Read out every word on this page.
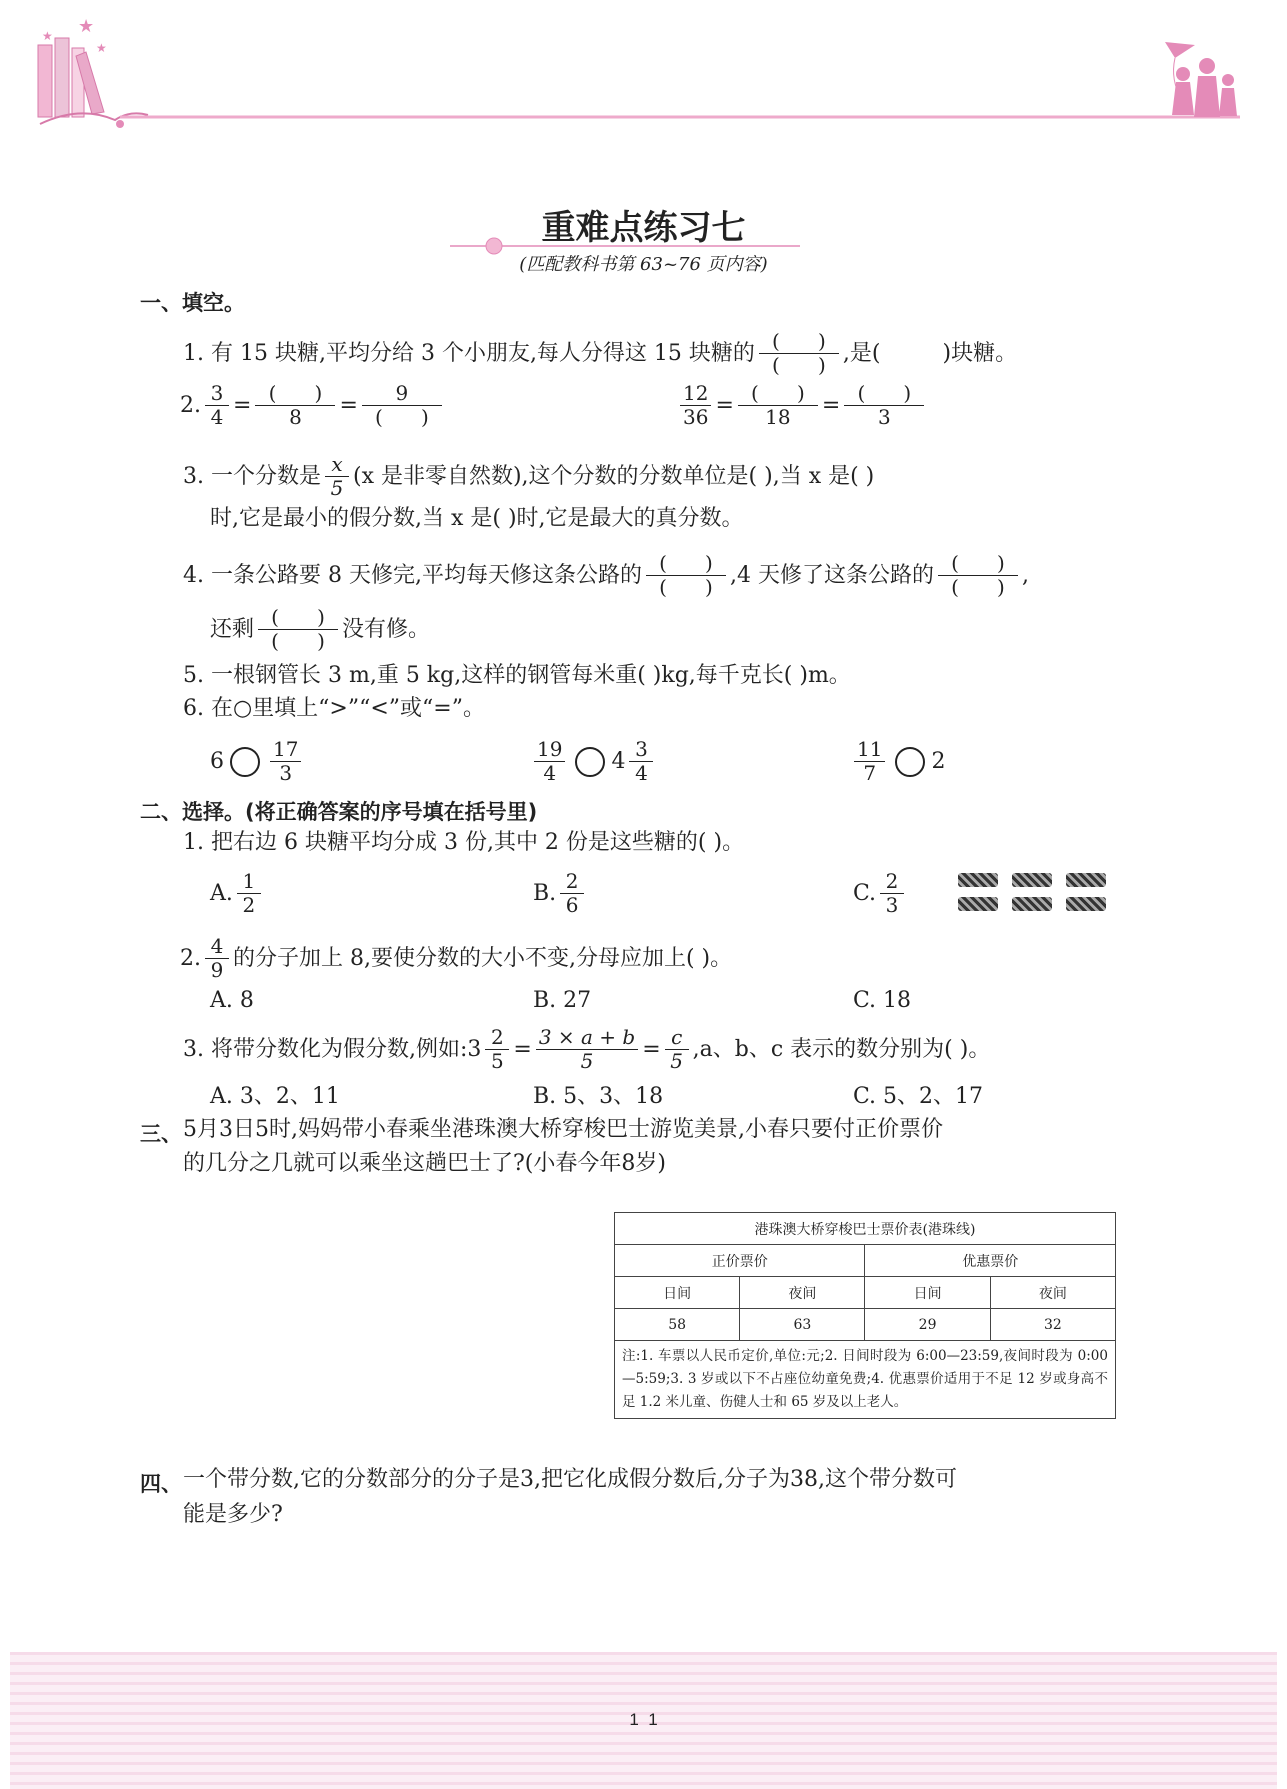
★
★
★
重难点练习七
(匹配教科书第 63~76 页内容)
一、填空。
1. 有 15 块糖,平均分给 3 个小朋友,每人分得这 15 块糖的 $\frac{( )}{( )}$ ,是(	)块糖。
2. $\frac{3}{4} = \frac{( )}{8} = \frac{9}{( )}$	$\frac{12}{36} = \frac{( )}{18} = \frac{( )}{3}$
3. 一个分数是 $\frac{x}{5} (x$ 是非零自然数),这个分数的分数单位是( ),当 x 是( )
时,它是最小的假分数,当 x 是( )时,它是最大的真分数。
4. 一条公路要 8 天修完,平均每天修这条公路的 $\frac{( )}{( )} ,4$ 天修了这条公路的 $\frac{( )}{( )}$ ,
还剩 $\frac{( )}{( )}$ 没有修。
5. 一根钢管长 3 m,重 5 kg,这样的钢管每米重( )kg,每千克长( )m。
6. 在○里填上“>”“<”或“=”。
$6 \frac{17}{3}$	$\frac{19}{4} 4 \frac{3}{4}$	$\frac{11}{7} 2$
二、选择。(将正确答案的序号填在括号里)
1. 把右边 6 块糖平均分成 3 份,其中 2 份是这些糖的( )。
A. $\frac{1}{2}$	B. $\frac{2}{6}$	C. $\frac{2}{3}$
2. $\frac{4}{9}$ 的分子加上 8,要使分数的大小不变,分母应加上( )。
A. 8	B. 27	C. 18
3. 将带分数化为假分数,例如:3 $\frac{2}{5} = \frac{3 \times a + b}{5} = \frac{c}{5} ,a$、b、c 表示的数分别为( )。
A. 3、2、11	B. 5、3、18	C. 5、2、17
三、 5月3日5时,妈妈带小春乘坐港珠澳大桥穿梭巴士游览美景,小春只要付正价票价
的几分之几就可以乘坐这趟巴士了?(小春今年8岁)
港珠澳大桥穿梭巴士票价表(港珠线)			
正价票价		优惠票价	
日间	夜间	日间	夜间
58	63	29	32
注:1. 车票以人民币定价,单位:元;2. 日间时段为 6:00—23:59,夜间时段为 0:00—5:59;3. 3 岁或以下不占座位幼童免费;4. 优惠票价适用于不足 12 岁或身高不足 1.2 米儿童、伤健人士和 65 岁及以上老人。			
四、 一个带分数,它的分数部分的分子是3,把它化成假分数后,分子为38,这个带分数可
能是多少?
1  1
